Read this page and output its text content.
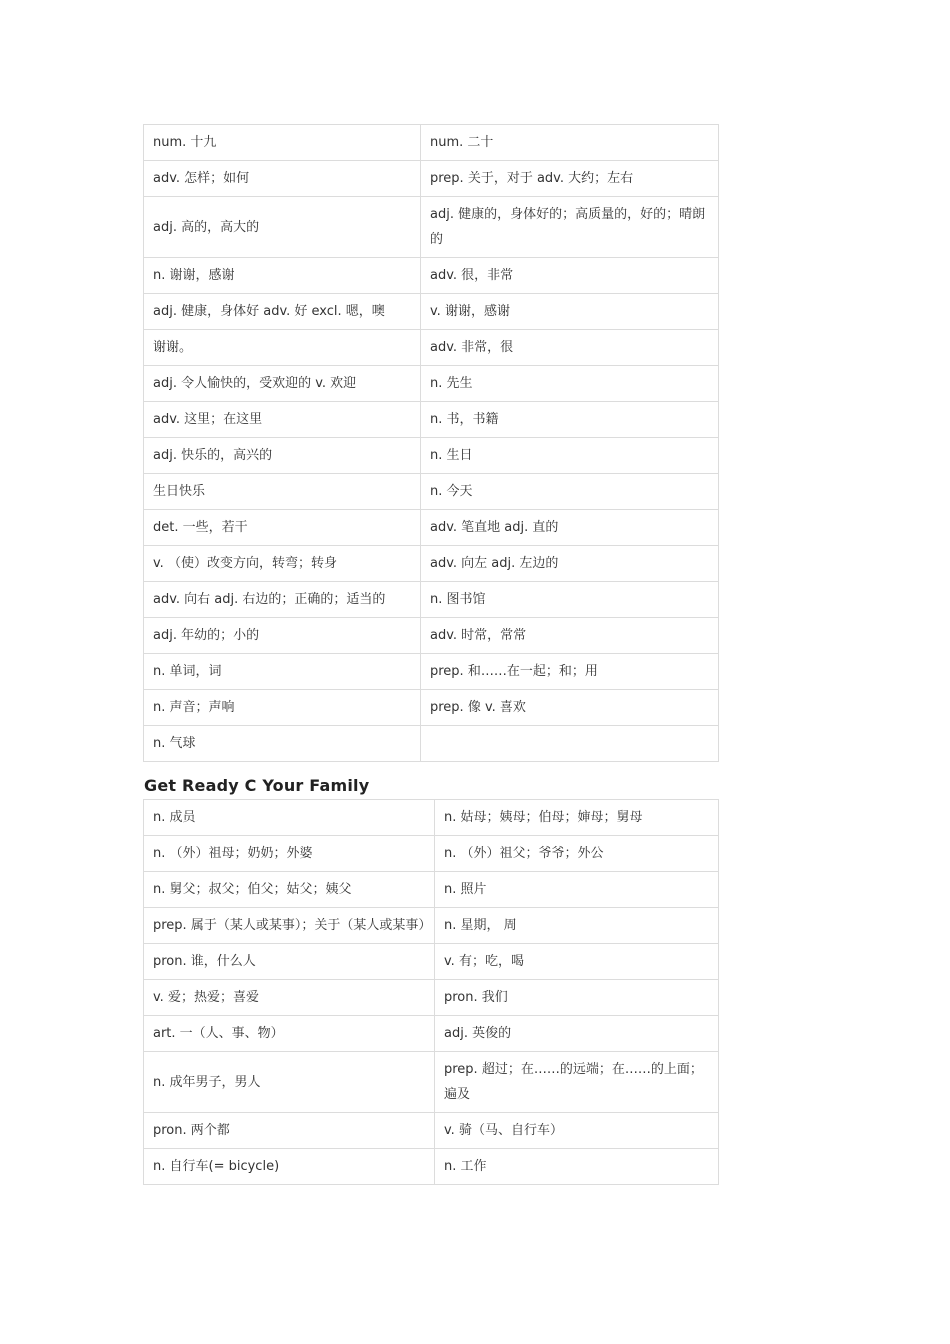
num. 十九	num. 二十
adv. 怎样；如何	prep. 关于，对于 adv. 大约；左右
adj. 高的，高大的	adj. 健康的，身体好的；高质量的，好的；晴朗的
n. 谢谢，感谢	adv. 很，非常
adj. 健康，身体好 adv. 好 excl. 嗯，噢	v. 谢谢，感谢
谢谢。	adv. 非常，很
adj. 令人愉快的，受欢迎的 v. 欢迎	n. 先生
adv. 这里；在这里	n. 书，书籍
adj. 快乐的，高兴的	n. 生日
生日快乐	n. 今天
det. 一些，若干	adv. 笔直地 adj. 直的
v. （使）改变方向，转弯；转身	adv. 向左 adj. 左边的
adv. 向右 adj. 右边的；正确的；适当的	n. 图书馆
adj. 年幼的；小的	adv. 时常，常常
n. 单词，词	prep. 和……在一起；和；用
n. 声音；声响	prep. 像 v. 喜欢
n. 气球	
Get Ready C Your Family
n. 成员	n. 姑母；姨母；伯母；婶母；舅母
n. （外）祖母；奶奶；外婆	n. （外）祖父；爷爷；外公
n. 舅父；叔父；伯父；姑父；姨父	n. 照片
prep. 属于（某人或某事）；关于（某人或某事）	n. 星期， 周
pron. 谁，什么人	v. 有；吃，喝
v. 爱；热爱；喜爱	pron. 我们
art. 一（人、事、物）	adj. 英俊的
n. 成年男子，男人	prep. 超过；在……的远端；在……的上面；遍及
pron. 两个都	v. 骑（马、自行车）
n. 自行车(= bicycle)	n. 工作
